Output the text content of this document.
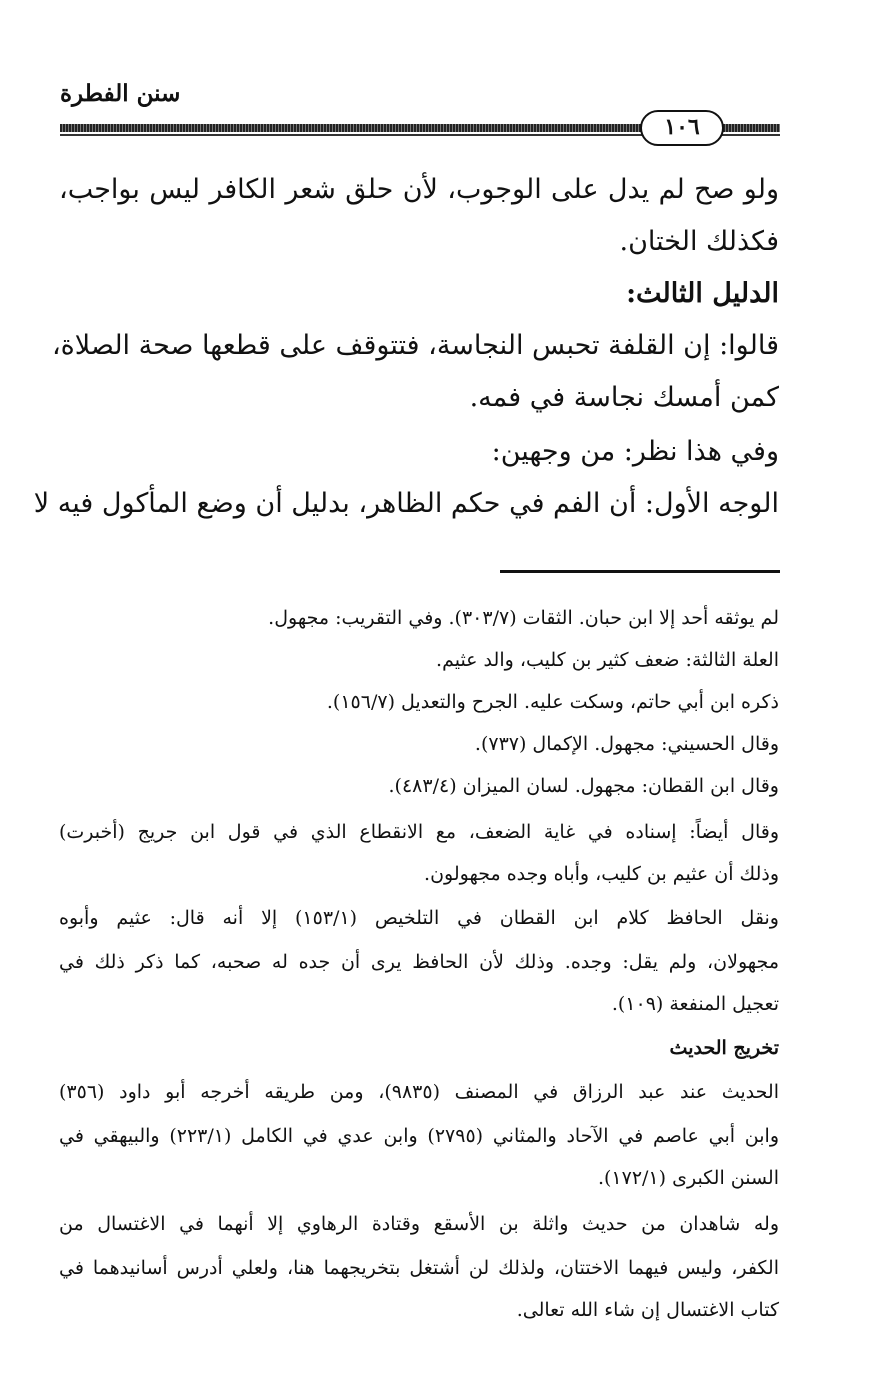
سنن الفطرة
١٠٦
ولو صح لم يدل على الوجوب، لأن حلق شعر الكافر ليس بواجب،
فكذلك الختان.
الدليل الثالث:
قالوا: إن القلفة تحبس النجاسة، فتتوقف على قطعها صحة الصلاة،
كمن أمسك نجاسة في فمه.
وفي هذا نظر: من وجهين:
الوجه الأول: أن الفم في حكم الظاهر، بدليل أن وضع المأكول فيه لا
لم يوثقه أحد إلا ابن حبان. الثقات (٣٠٣/٧). وفي التقريب: مجهول.
العلة الثالثة: ضعف كثير بن كليب، والد عثيم.
ذكره ابن أبي حاتم، وسكت عليه. الجرح والتعديل (١٥٦/٧).
وقال الحسيني: مجهول. الإكمال (٧٣٧).
وقال ابن القطان: مجهول. لسان الميزان (٤٨٣/٤).
وقال أيضاً: إسناده في غاية الضعف، مع الانقطاع الذي في قول ابن جريج (أخبرت)
وذلك أن عثيم بن كليب، وأباه وجده مجهولون.
ونقل الحافظ كلام ابن القطان في التلخيص (١٥٣/١) إلا أنه قال: عثيم وأبوه
مجهولان، ولم يقل: وجده. وذلك لأن الحافظ يرى أن جده له صحبه، كما ذكر ذلك في
تعجيل المنفعة (١٠٩).
تخريج الحديث
الحديث عند عبد الرزاق في المصنف (٩٨٣٥)، ومن طريقه أخرجه أبو داود (٣٥٦)
وابن أبي عاصم في الآحاد والمثاني (٢٧٩٥) وابن عدي في الكامل (٢٢٣/١) والبيهقي في
السنن الكبرى (١٧٢/١).
وله شاهدان من حديث واثلة بن الأسقع وقتادة الرهاوي إلا أنهما في الاغتسال من
الكفر، وليس فيهما الاختتان، ولذلك لن أشتغل بتخريجهما هنا، ولعلي أدرس أسانيدهما في
كتاب الاغتسال إن شاء الله تعالى.
